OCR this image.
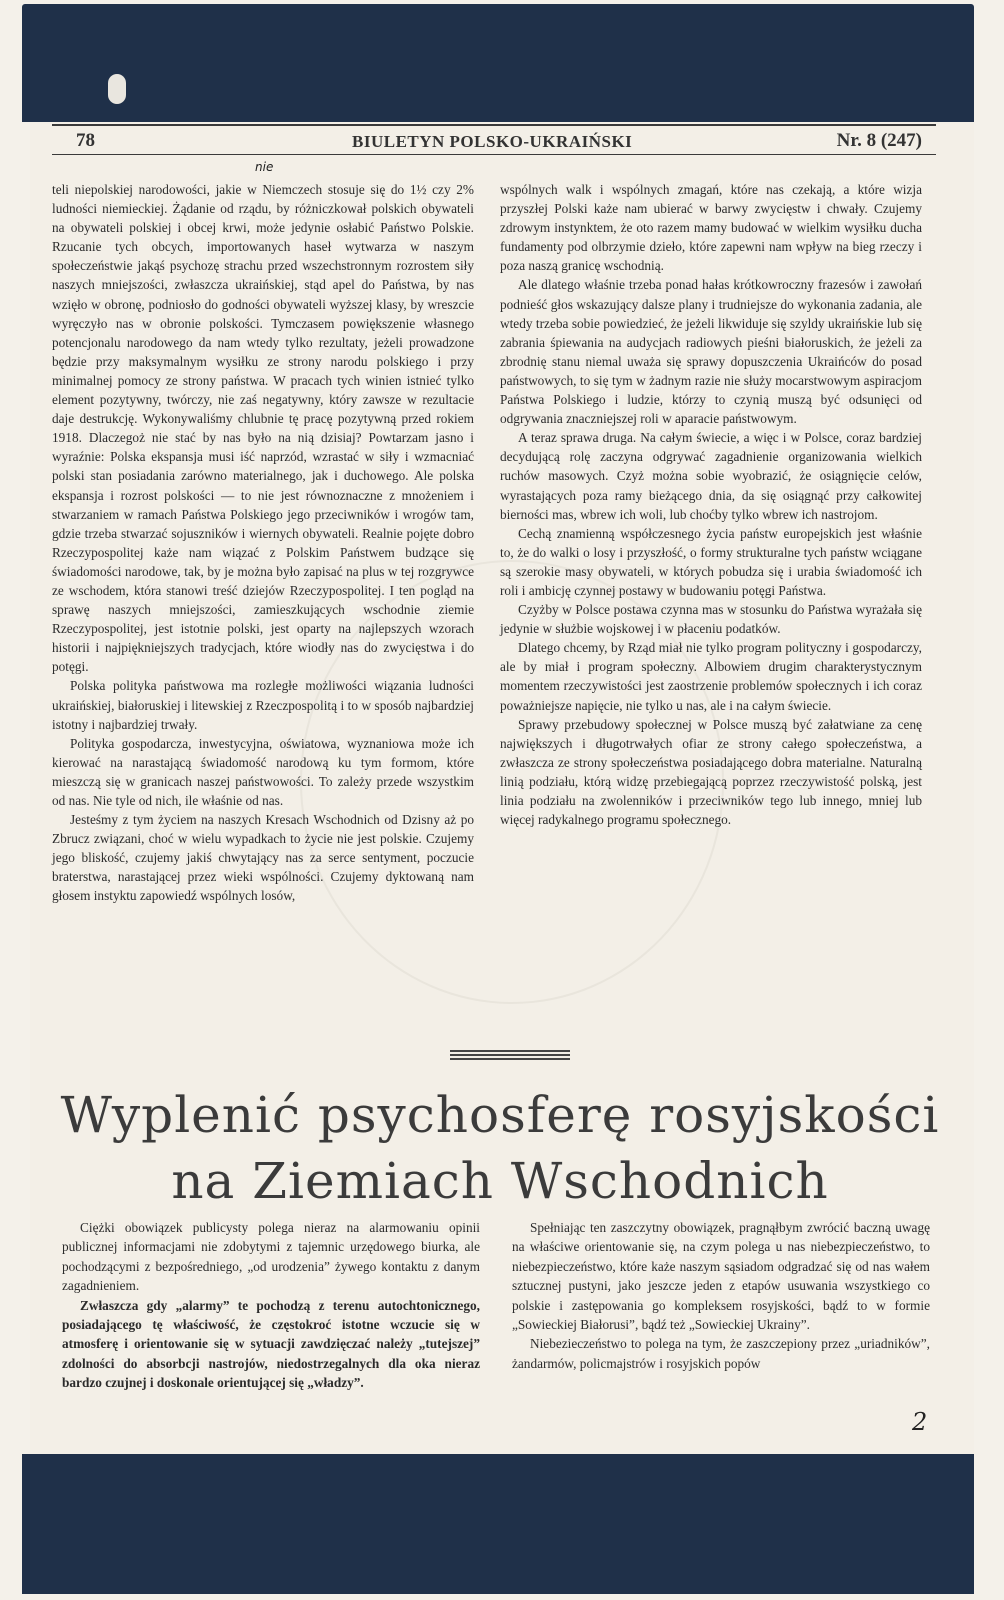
78	BIULETYN POLSKO-UKRAIŃSKI	Nr. 8 (247)
nie

teli niepolskiej narodowości, jakie w Niemczech stosuje się do 1½ czy 2% ludności niemieckiej. Żądanie od rządu, by różniczkował polskich obywateli na obywateli polskiej i obcej krwi, może jedynie osłabić Państwo Polskie. Rzucanie tych obcych, importowanych haseł wytwarza w naszym społeczeństwie jakąś psychozę strachu przed wszechstronnym rozrostem siły naszych mniejszości, zwłaszcza ukraińskiej, stąd apel do Państwa, by nas wzięło w obronę, podniosło do godności obywateli wyższej klasy, by wreszcie wyręczyło nas w obronie polskości. Tymczasem powiększenie własnego potencjonalu narodowego da nam wtedy tylko rezultaty, jeżeli prowadzone będzie przy maksymalnym wysiłku ze strony narodu polskiego i przy minimalnej pomocy ze strony państwa. W pracach tych winien istnieć tylko element pozytywny, twórczy, nie zaś negatywny, który zawsze w rezultacie daje destrukcję. Wykonywaliśmy chlubnie tę pracę pozytywną przed rokiem 1918. Dlaczegoż nie stać by nas było na nią dzisiaj? Powtarzam jasno i wyraźnie: Polska ekspansja musi iść naprzód, wzrastać w siły i wzmacniać polski stan posiadania zarówno materialnego, jak i duchowego. Ale polska ekspansja i rozrost polskości — to nie jest równoznaczne z mnożeniem i stwarzaniem w ramach Państwa Polskiego jego przeciwników i wrogów tam, gdzie trzeba stwarzać sojuszników i wiernych obywateli. Realnie pojęte dobro Rzeczypospolitej każe nam wiązać z Polskim Państwem budzące się świadomości narodowe, tak, by je można było zapisać na plus w tej rozgrywce ze wschodem, która stanowi treść dziejów Rzeczypospolitej. I ten pogląd na sprawę naszych mniejszości, zamieszkujących wschodnie ziemie Rzeczypospolitej, jest istotnie polski, jest oparty na najlepszych wzorach historii i najpiękniejszych tradycjach, które wiodły nas do zwycięstwa i do potęgi.

Polska polityka państwowa ma rozległe możliwości wiązania ludności ukraińskiej, białoruskiej i litewskiej z Rzeczpospolitą i to w sposób najbardziej istotny i najbardziej trwały.

Polityka gospodarcza, inwestycyjna, oświatowa, wyznaniowa może ich kierować na narastającą świadomość narodową ku tym formom, które mieszczą się w granicach naszej państwowości. To zależy przede wszystkim od nas. Nie tyle od nich, ile właśnie od nas.

Jesteśmy z tym życiem na naszych Kresach Wschodnich od Dzisny aż po Zbrucz związani, choć w wielu wypadkach to życie nie jest polskie. Czujemy jego bliskość, czujemy jakiś chwytający nas za serce sentyment, poczucie braterstwa, narastającej przez wieki wspólności. Czujemy dyktowaną nam głosem instyktu zapowiedź wspólnych losów,

wspólnych walk i wspólnych zmagań, które nas czekają, a które wizja przyszłej Polski każe nam ubierać w barwy zwycięstw i chwały. Czujemy zdrowym instynktem, że oto razem mamy budować w wielkim wysiłku ducha fundamenty pod olbrzymie dzieło, które zapewni nam wpływ na bieg rzeczy i poza naszą granicę wschodnią.

Ale dlatego właśnie trzeba ponad hałas krótkowroczny frazesów i zawołań podnieść głos wskazujący dalsze plany i trudniejsze do wykonania zadania, ale wtedy trzeba sobie powiedzieć, że jeżeli likwiduje się szyldy ukraińskie lub się zabrania śpiewania na audycjach radiowych pieśni białoruskich, że jeżeli za zbrodnię stanu niemal uważa się sprawy dopuszczenia Ukraińców do posad państwowych, to się tym w żadnym razie nie służy mocarstwowym aspiracjom Państwa Polskiego i ludzie, którzy to czynią muszą być odsunięci od odgrywania znaczniejszej roli w aparacie państwowym.

A teraz sprawa druga. Na całym świecie, a więc i w Polsce, coraz bardziej decydującą rolę zaczyna odgrywać zagadnienie organizowania wielkich ruchów masowych. Czyż można sobie wyobrazić, że osiągnięcie celów, wyrastających poza ramy bieżącego dnia, da się osiągnąć przy całkowitej bierności mas, wbrew ich woli, lub choćby tylko wbrew ich nastrojom.

Cechą znamienną współczesnego życia państw europejskich jest właśnie to, że do walki o losy i przyszłość, o formy strukturalne tych państw wciągane są szerokie masy obywateli, w których pobudza się i urabia świadomość ich roli i ambicję czynnej postawy w budowaniu potęgi Państwa.

Czyżby w Polsce postawa czynna mas w stosunku do Państwa wyrażała się jedynie w służbie wojskowej i w płaceniu podatków.

Dlatego chcemy, by Rząd miał nie tylko program polityczny i gospodarczy, ale by miał i program społeczny. Albowiem drugim charakterystycznym momentem rzeczywistości jest zaostrzenie problemów społecznych i ich coraz poważniejsze napięcie, nie tylko u nas, ale i na całym świecie.

Sprawy przebudowy społecznej w Polsce muszą być załatwiane za cenę największych i długotrwałych ofiar ze strony całego społeczeństwa, a zwłaszcza ze strony społeczeństwa posiadającego dobra materialne. Naturalną linią podziału, którą widzę przebiegającą poprzez rzeczywistość polską, jest linia podziału na zwolenników i przeciwników tego lub innego, mniej lub więcej radykalnego programu społecznego.

Wyplenić psychosferę rosyjskości
na Ziemiach Wschodnich

Ciężki obowiązek publicysty polega nieraz na alarmowaniu opinii publicznej informacjami nie zdobytymi z tajemnic urzędowego biurka, ale pochodzącymi z bezpośredniego, „od urodzenia” żywego kontaktu z danym zagadnieniem.

Zwłaszcza gdy „alarmy” te pochodzą z terenu autochtonicznego, posiadającego tę właściwość, że częstokroć istotne wczucie się w atmosferę i orientowanie się w sytuacji zawdzięczać należy „tutejszej” zdolności do absorbcji nastrojów, niedostrzegalnych dla oka nieraz bardzo czujnej i doskonale orientującej się „władzy”.

Spełniając ten zaszczytny obowiązek, pragnąłbym zwrócić baczną uwagę na właściwe orientowanie się, na czym polega u nas niebezpieczeństwo, to niebezpieczeństwo, które każe naszym sąsiadom odgradzać się od nas wałem sztucznej pustyni, jako jeszcze jeden z etapów usuwania wszystkiego co polskie i zastępowania go kompleksem rosyjskości, bądź to w formie „Sowieckiej Białorusi”, bądź też „Sowieckiej Ukrainy”.

Niebezieczeństwo to polega na tym, że zaszczepiony przez „uriadników”, żandarmów, policmajstrów i rosyjskich popów

2
